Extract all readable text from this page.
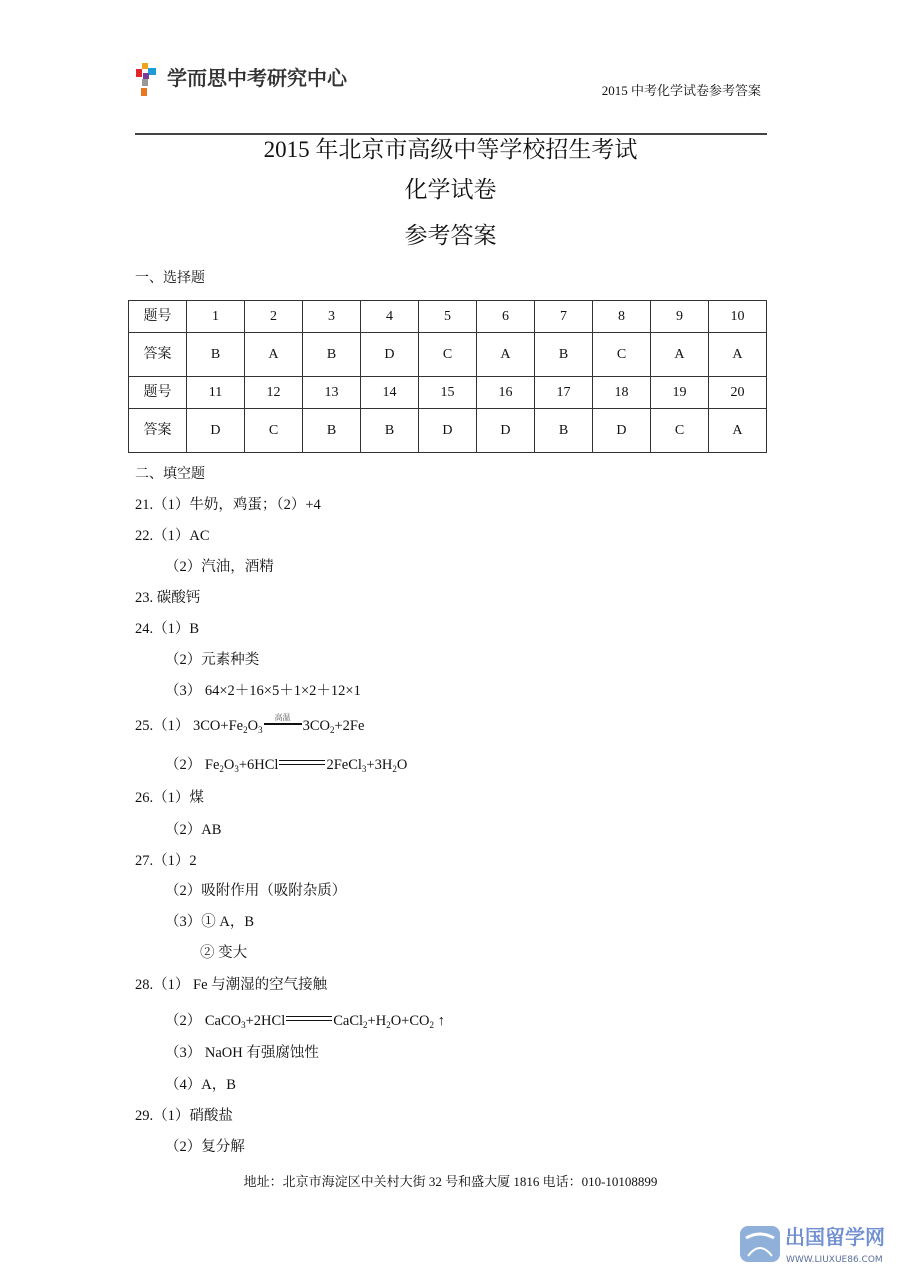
学而思中考研究中心
2015 中考化学试卷参考答案
2015 年北京市高级中等学校招生考试
化学试卷
参考答案
一、选择题
题号	1	2	3	4	5	6	7	8	9	10
答案	B	A	B	D	C	A	B	C	A	A
题号	11	12	13	14	15	16	17	18	19	20
答案	D	C	B	B	D	D	B	D	C	A
二、填空题
21.（1）牛奶，鸡蛋；（2）+4
22.（1）AC
（2）汽油，酒精
23. 碳酸钙
24.（1）B
（2）元素种类
（3） 64×2＋16×5＋1×2＋12×1
25.（1） $3CO+Fe_2O_3$
高温
$3CO_2+2Fe$
（2） $Fe_2O_3+6HCl$	$2FeCl_3+3H_2O$
26.（1）煤
（2）AB
27.（1）2
（2）吸附作用（吸附杂质）
（3）① A，B
② 变大
28.（1） Fe 与潮湿的空气接触
（2） CaCO$_3$+2HCl	$CaCl_2+H_2O+CO_2$ ↑
（3） NaOH 有强腐蚀性
（4）A，B
29.（1）硝酸盐
（2）复分解
地址：北京市海淀区中关村大街 32 号和盛大厦 1816 电话：010-10108899
出国留学网
WWW.LIUXUE86.COM
